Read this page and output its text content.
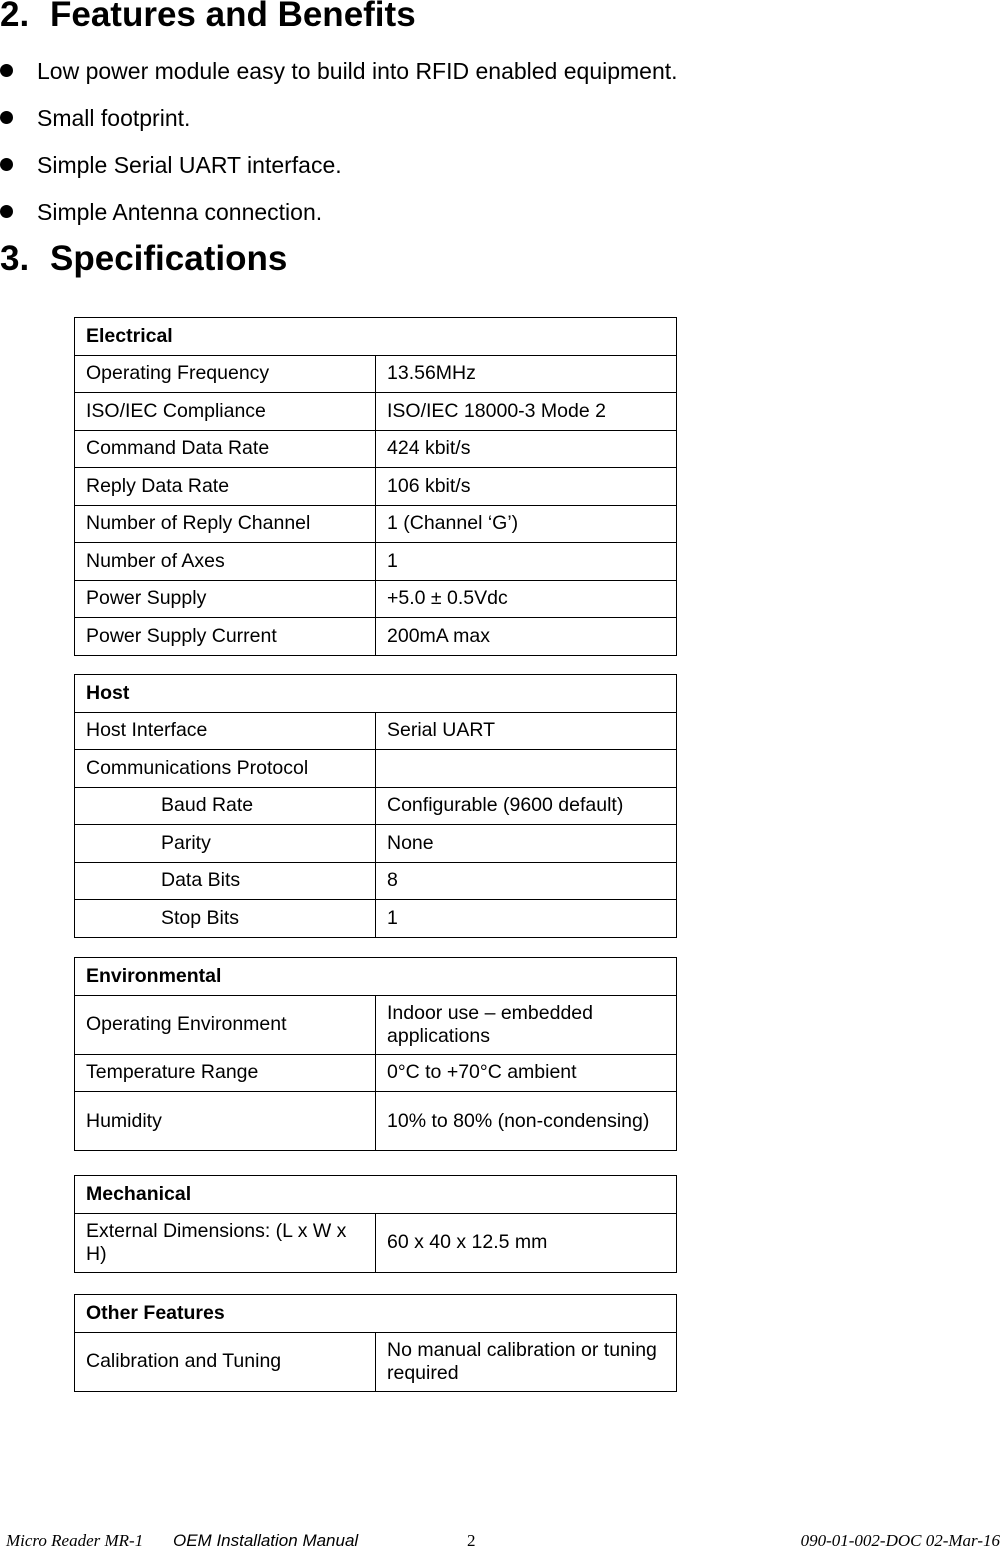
2. Features and Benefits
Low power module easy to build into RFID enabled equipment.
Small footprint.
Simple Serial UART interface.
Simple Antenna connection.
3. Specifications
Electrical	
Operating Frequency	13.56MHz
ISO/IEC Compliance	ISO/IEC 18000-3 Mode 2
Command Data Rate	424 kbit/s
Reply Data Rate	106 kbit/s
Number of Reply Channel	1 (Channel ‘G’)
Number of Axes	1
Power Supply	+5.0 ± 0.5Vdc
Power Supply Current	200mA max
Host	
Host Interface	Serial UART
Communications Protocol	
Baud Rate	Configurable (9600 default)
Parity	None
Data Bits	8
Stop Bits	1
Environmental	
Operating Environment	Indoor use – embedded applications
Temperature Range	0°C to +70°C ambient
Humidity	10% to 80% (non-condensing)
Mechanical
External Dimensions: (L x W x H)	60 x 40 x 12.5 mm
Other Features
Calibration and Tuning	No manual calibration or tuning required
Micro Reader MR-1 OEM Installation Manual	2	090-01-002-DOC 02-Mar-16
